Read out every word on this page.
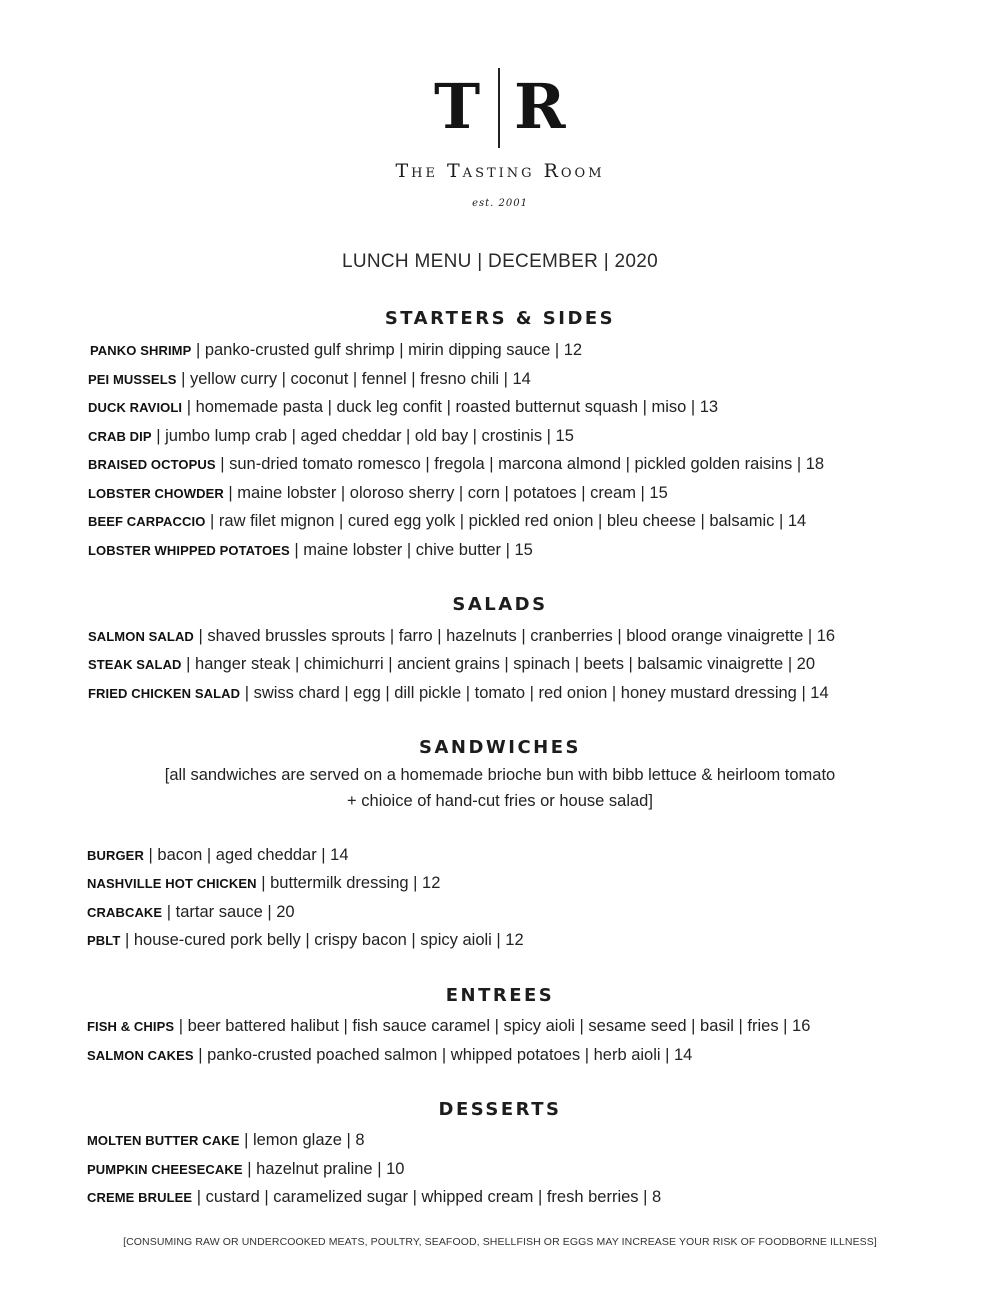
T R
The Tasting Room
est. 2001
LUNCH MENU | DECEMBER | 2020
STARTERS & SIDES
PANKO SHRIMP | panko-crusted gulf shrimp | mirin dipping sauce | 12
PEI MUSSELS | yellow curry | coconut | fennel | fresno chili | 14
DUCK RAVIOLI | homemade pasta | duck leg confit | roasted butternut squash | miso | 13
CRAB DIP | jumbo lump crab | aged cheddar | old bay | crostinis | 15
BRAISED OCTOPUS | sun-dried tomato romesco | fregola | marcona almond | pickled golden raisins | 18
LOBSTER CHOWDER | maine lobster | oloroso sherry | corn | potatoes | cream | 15
BEEF CARPACCIO | raw filet mignon | cured egg yolk | pickled red onion | bleu cheese | balsamic | 14
LOBSTER WHIPPED POTATOES | maine lobster | chive butter | 15
SALADS
SALMON SALAD | shaved brussles sprouts | farro | hazelnuts | cranberries | blood orange vinaigrette | 16
STEAK SALAD | hanger steak | chimichurri | ancient grains | spinach | beets | balsamic vinaigrette | 20
FRIED CHICKEN SALAD | swiss chard | egg | dill pickle | tomato | red onion | honey mustard dressing | 14
SANDWICHES
[all sandwiches are served on a homemade brioche bun with bibb lettuce & heirloom tomato
+ chioice of hand-cut fries or house salad]
BURGER | bacon | aged cheddar | 14
NASHVILLE HOT CHICKEN | buttermilk dressing | 12
CRABCAKE | tartar sauce | 20
PBLT | house-cured pork belly | crispy bacon | spicy aioli | 12
ENTREES
FISH & CHIPS | beer battered halibut | fish sauce caramel | spicy aioli | sesame seed | basil | fries | 16
SALMON CAKES | panko-crusted poached salmon | whipped potatoes | herb aioli | 14
DESSERTS
MOLTEN BUTTER CAKE | lemon glaze | 8
PUMPKIN CHEESECAKE | hazelnut praline | 10
CREME BRULEE | custard | caramelized sugar | whipped cream | fresh berries | 8
[CONSUMING RAW OR UNDERCOOKED MEATS, POULTRY, SEAFOOD, SHELLFISH OR EGGS MAY INCREASE YOUR RISK OF FOODBORNE ILLNESS]
